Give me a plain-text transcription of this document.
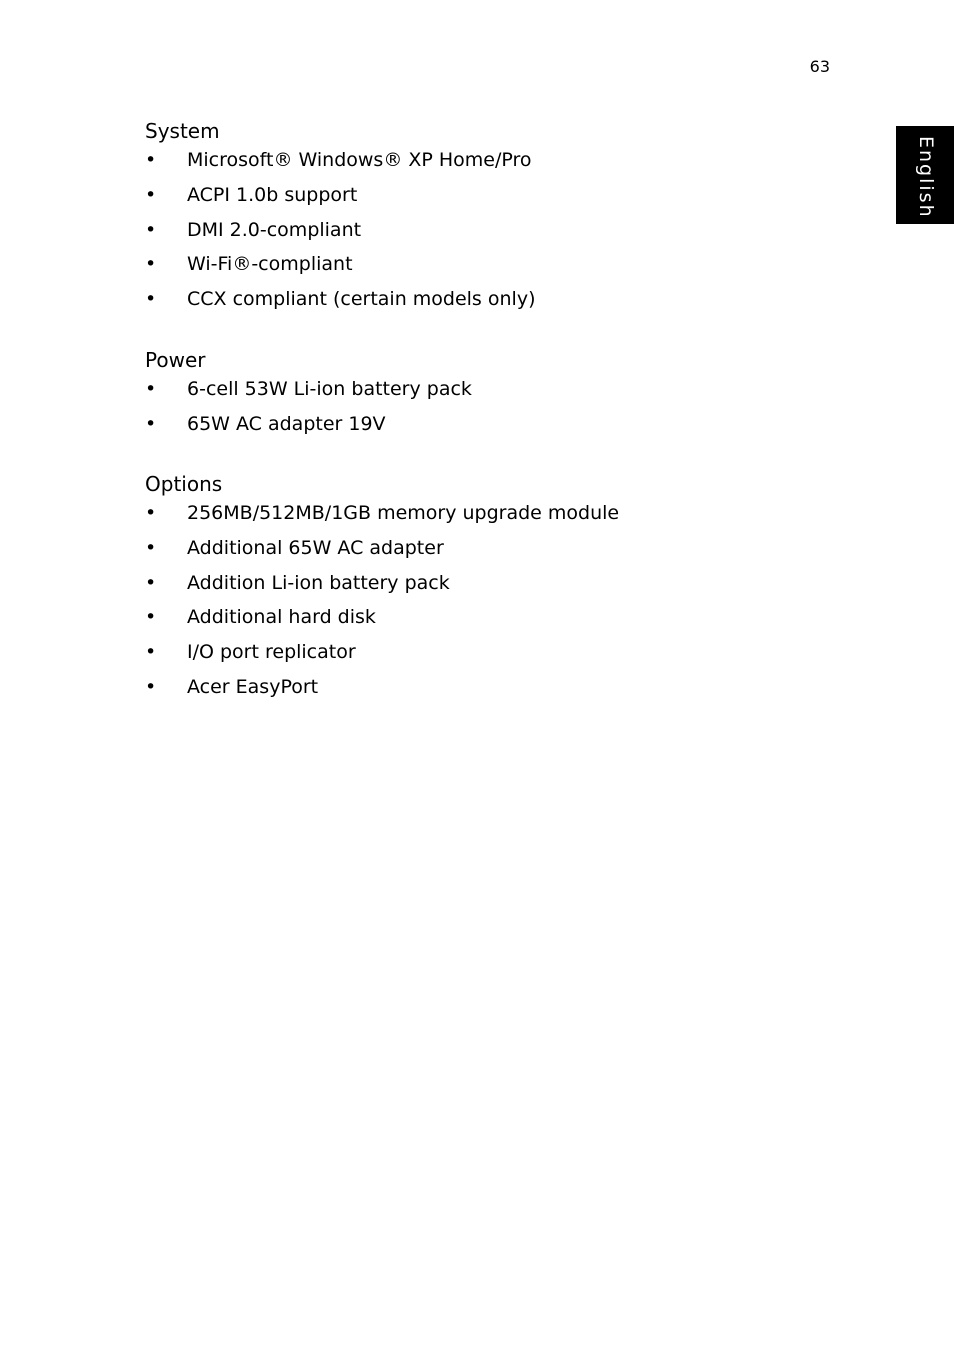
63
English
System
• Microsoft® Windows® XP Home/Pro
• ACPI 1.0b support
• DMI 2.0-compliant
• Wi-Fi®-compliant
• CCX compliant (certain models only)
Power
• 6-cell 53W Li-ion battery pack
• 65W AC adapter 19V
Options
• 256MB/512MB/1GB memory upgrade module
• Additional 65W AC adapter
• Addition Li-ion battery pack
• Additional hard disk
• I/O port replicator
• Acer EasyPort
